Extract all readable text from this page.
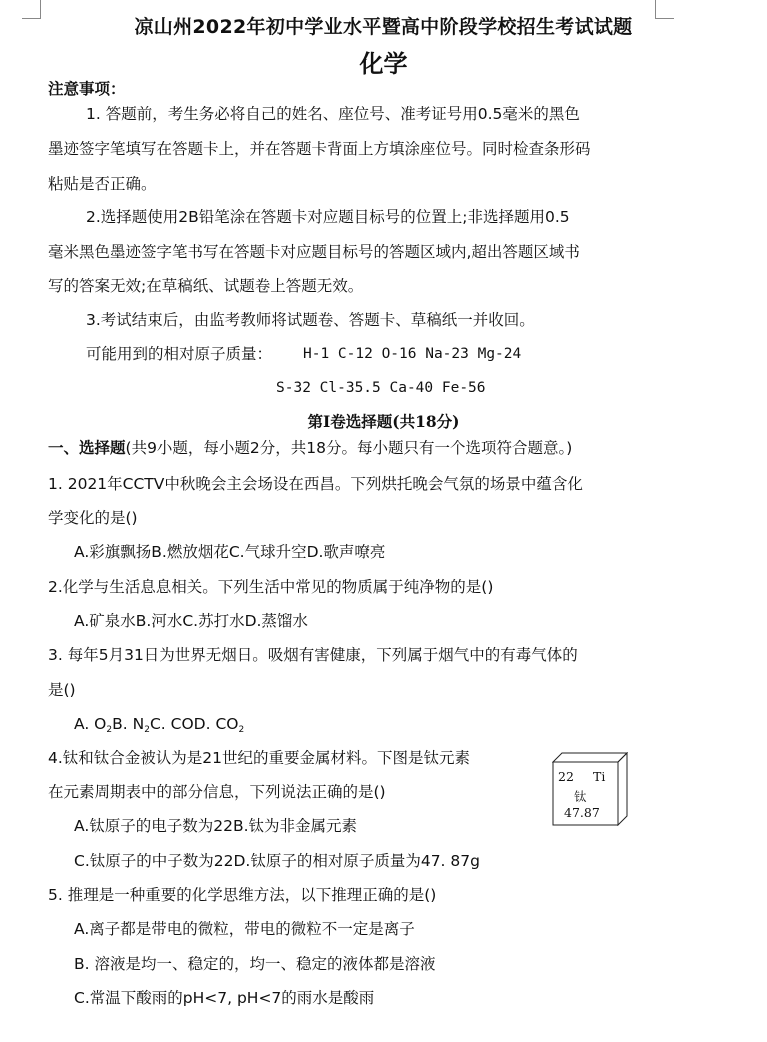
凉山州2022年初中学业水平暨高中阶段学校招生考试试题
化学
注意事项：
1. 答题前，考生务必将自己的姓名、座位号、准考证号用0.5毫米的黑色
墨迹签字笔填写在答题卡上，并在答题卡背面上方填涂座位号。同时检查条形码
粘贴是否正确。
2.选择题使用2B铅笔涂在答题卡对应题目标号的位置上;非选择题用0.5
毫米黑色墨迹签字笔书写在答题卡对应题目标号的答题区域内,超出答题区域书
写的答案无效;在草稿纸、试题卷上答题无效。
3.考试结束后，由监考教师将试题卷、答题卡、草稿纸一并收回。
可能用到的相对原子质量： H-1 C-12 O-16 Na-23 Mg-24
S-32 Cl-35.5 Ca-40 Fe-56
第Ⅰ卷选择题(共18分)
一、选择题(共9小题，每小题2分，共18分。每小题只有一个选项符合题意。)
1. 2021年CCTV中秋晚会主会场设在西昌。下列烘托晚会气氛的场景中蕴含化
学变化的是()
A.彩旗飘扬B.燃放烟花C.气球升空D.歌声嘹亮
2.化学与生活息息相关。下列生活中常见的物质属于纯净物的是()
A.矿泉水B.河水C.苏打水D.蒸馏水
3. 每年5月31日为世界无烟日。吸烟有害健康，下列属于烟气中的有毒气体的
是()
A. $O_2B$. $N_2C$. COD. $CO_2$
4.钛和钛合金被认为是21世纪的重要金属材料。下图是钛元素
在元素周期表中的部分信息，下列说法正确的是()
22 Ti
钛
47.87
A.钛原子的电子数为22B.钛为非金属元素
C.钛原子的中子数为22D.钛原子的相对原子质量为47. 87g
5. 推理是一种重要的化学思维方法，以下推理正确的是()
A.离子都是带电的微粒，带电的微粒不一定是离子
B. 溶液是均一、稳定的，均一、稳定的液体都是溶液
C.常温下酸雨的pH<7, pH<7的雨水是酸雨
